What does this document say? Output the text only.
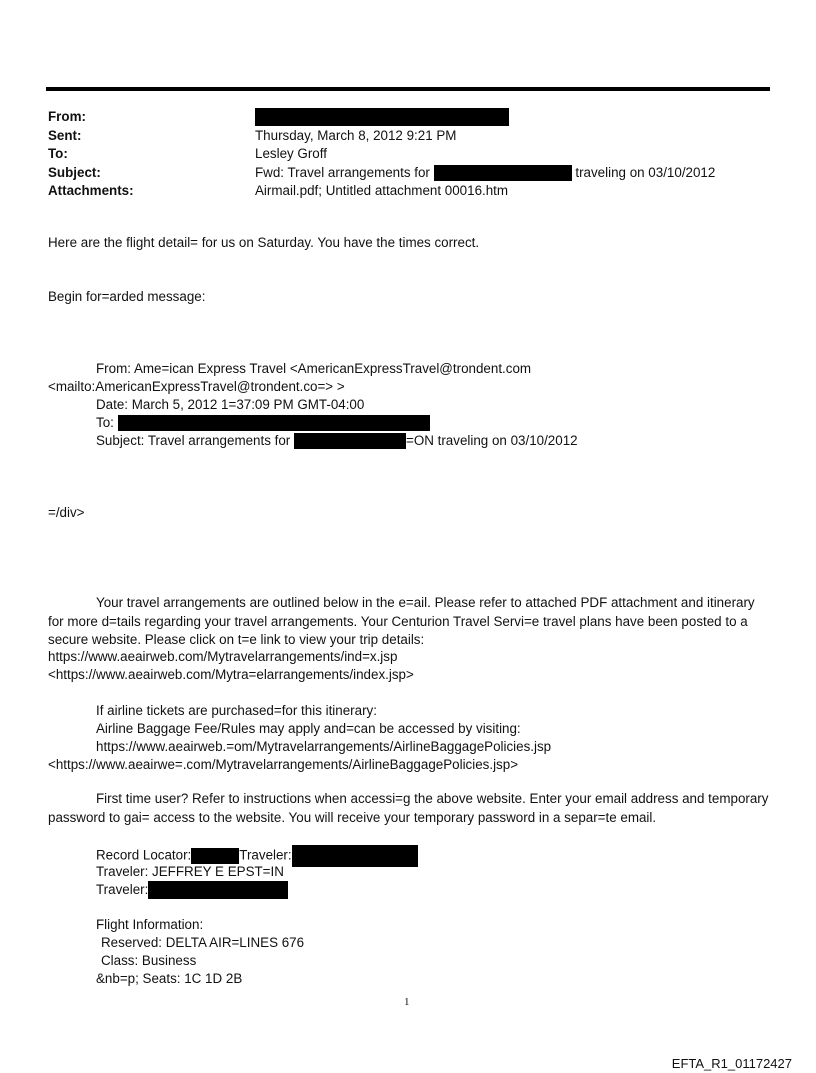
From:
Sent:	Thursday, March 8, 2012 9:21 PM
To:	Lesley Groff
Subject:	Fwd: Travel arrangements for	traveling on 03/10/2012
Attachments:	Airmail.pdf; Untitled attachment 00016.htm
Here are the flight detail= for us on Saturday. You have the times correct.
Begin for=arded message:
From: Ame=ican Express Travel <AmericanExpressTravel@trondent.com
<mailto:AmericanExpressTravel@trondent.co=> >
Date: March 5, 2012 1=37:09 PM GMT-04:00
To:
Subject: Travel arrangements for	=ON traveling on 03/10/2012
=/div>
Your travel arrangements are outlined below in the e=ail. Please refer to attached PDF attachment and itinerary for more d=tails regarding your travel arrangements. Your Centurion Travel Servi=e travel plans have been posted to a secure website. Please click on t=e link to view your trip details:
https://www.aeairweb.com/Mytravelarrangements/ind=x.jsp
<https://www.aeairweb.com/Mytra=elarrangements/index.jsp>
If airline tickets are purchased=for this itinerary:
Airline Baggage Fee/Rules may apply and=can be accessed by visiting:
https://www.aeairweb.=om/Mytravelarrangements/AirlineBaggagePolicies.jsp
<https://www.aeairwe=.com/Mytravelarrangements/AirlineBaggagePolicies.jsp>
First time user? Refer to instructions when accessi=g the above website. Enter your email address and temporary password to gai= access to the website. You will receive your temporary password in a separ=te email.
Record Locator:	Traveler:
Traveler: JEFFREY E EPST=IN
Traveler:
Flight Information:
Reserved: DELTA AIR=LINES 676
Class: Business
&nb=p; Seats: 1C 1D 2B
1
EFTA_R1_01172427
